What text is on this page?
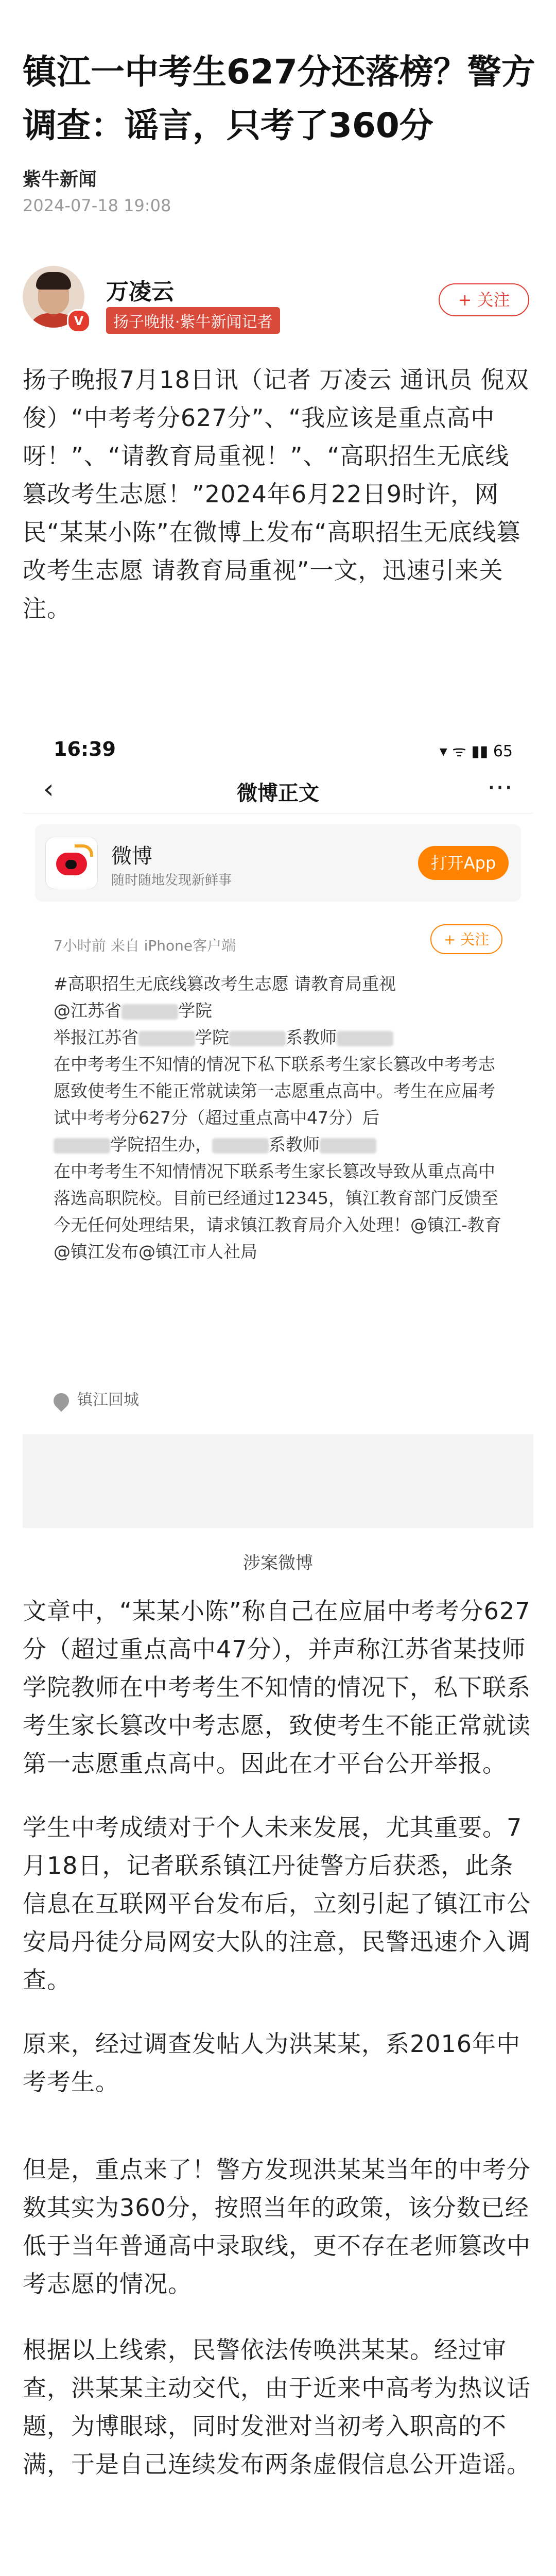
镇江一中考生627分还落榜？警方调查：谣言，只考了360分
紫牛新闻
2024-07-18 19:08
V
万凌云
扬子晚报·紫牛新闻记者
+ 关注

扬子晚报7月18日讯（记者 万凌云 通讯员 倪双俊）“中考考分627分”、“我应该是重点高中呀！”、“请教育局重视！”、“高职招生无底线篡改考生志愿！”2024年6月22日9时许，网民“某某小陈”在微博上发布“高职招生无底线篡改考生志愿 请教育局重视”一文，迅速引来关注。

16:39	▾ ᯤ ▮▮ 65
‹	微博正文	⋯
微博
随时随地发现新鲜事
打开App
7小时前 来自 iPhone客户端	+ 关注
#高职招生无底线篡改考生志愿 请教育局重视
@江苏省	学院
举报江苏省	学院	系教师
在中考考生不知情的情况下私下联系考生家长篡改中考考志愿致使考生不能正常就读第一志愿重点高中。考生在应届考试中考考分627分（超过重点高中47分）后
学院招生办，	系教师
在中考考生不知情情况下联系考生家长篡改导致从重点高中落选高职院校。目前已经通过12345，镇江教育部门反馈至今无任何处理结果，请求镇江教育局介入处理！@镇江-教育 @镇江发布@镇江市人社局
镇江回城
涉案微博

文章中，“某某小陈”称自己在应届中考考分627分（超过重点高中47分），并声称江苏省某技师学院教师在中考考生不知情的情况下，私下联系考生家长篡改中考志愿，致使考生不能正常就读第一志愿重点高中。因此在才平台公开举报。

学生中考成绩对于个人未来发展，尤其重要。7月18日，记者联系镇江丹徒警方后获悉，此条信息在互联网平台发布后，立刻引起了镇江市公安局丹徒分局网安大队的注意，民警迅速介入调查。

原来，经过调查发帖人为洪某某，系2016年中考考生。

但是，重点来了！警方发现洪某某当年的中考分数其实为360分，按照当年的政策，该分数已经低于当年普通高中录取线，更不存在老师篡改中考志愿的情况。

根据以上线索，民警依法传唤洪某某。经过审查，洪某某主动交代，由于近来中高考为热议话题，为博眼球，同时发泄对当初考入职高的不满，于是自己连续发布两条虚假信息公开造谣。
